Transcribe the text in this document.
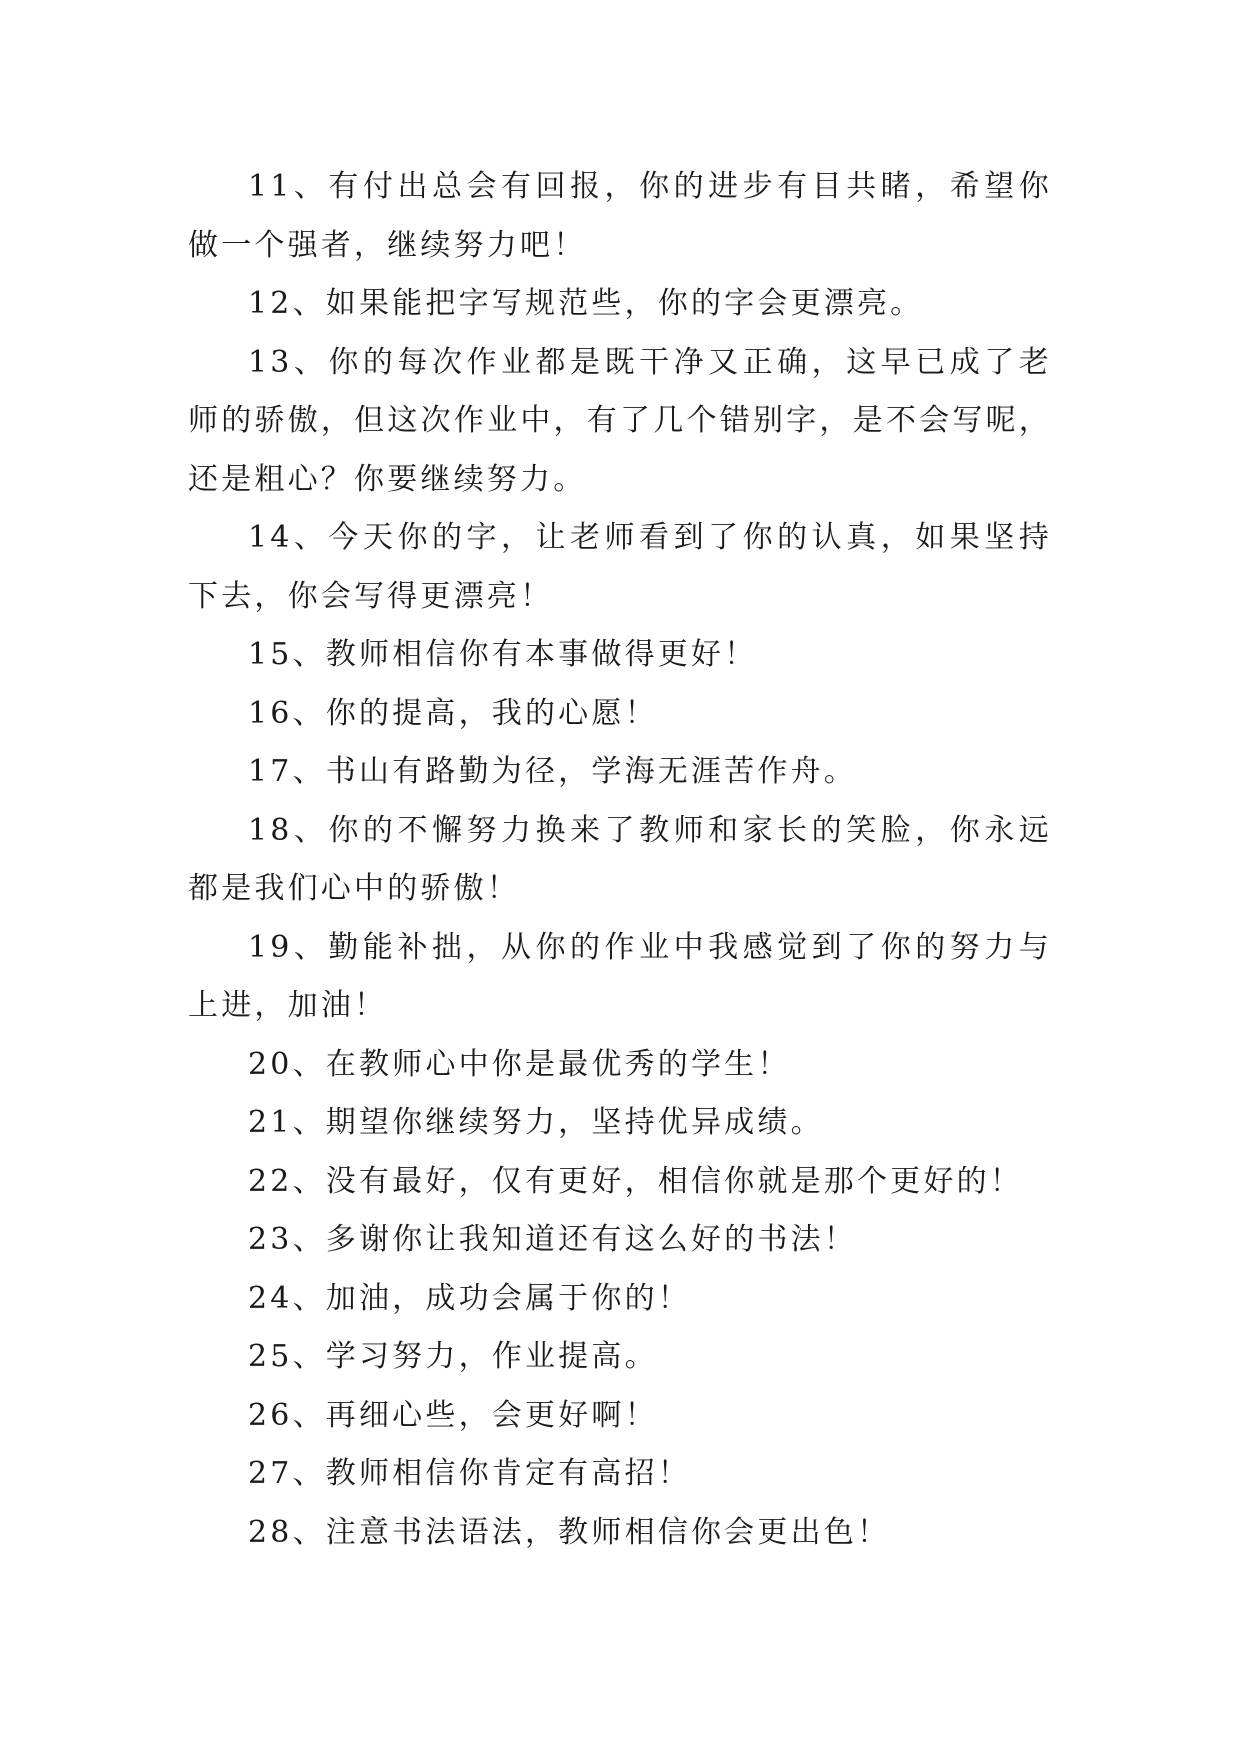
11、有付出总会有回报，你的进步有目共睹，希望你做一个强者，继续努力吧！

12、如果能把字写规范些，你的字会更漂亮。

13、你的每次作业都是既干净又正确，这早已成了老师的骄傲，但这次作业中，有了几个错别字，是不会写呢，还是粗心？你要继续努力。

14、今天你的字，让老师看到了你的认真，如果坚持下去，你会写得更漂亮！

15、教师相信你有本事做得更好！

16、你的提高，我的心愿！

17、书山有路勤为径，学海无涯苦作舟。

18、你的不懈努力换来了教师和家长的笑脸，你永远都是我们心中的骄傲！

19、勤能补拙，从你的作业中我感觉到了你的努力与上进，加油！

20、在教师心中你是最优秀的学生！

21、期望你继续努力，坚持优异成绩。

22、没有最好，仅有更好，相信你就是那个更好的！

23、多谢你让我知道还有这么好的书法！

24、加油，成功会属于你的！

25、学习努力，作业提高。

26、再细心些，会更好啊！

27、教师相信你肯定有高招！

28、注意书法语法，教师相信你会更出色！
